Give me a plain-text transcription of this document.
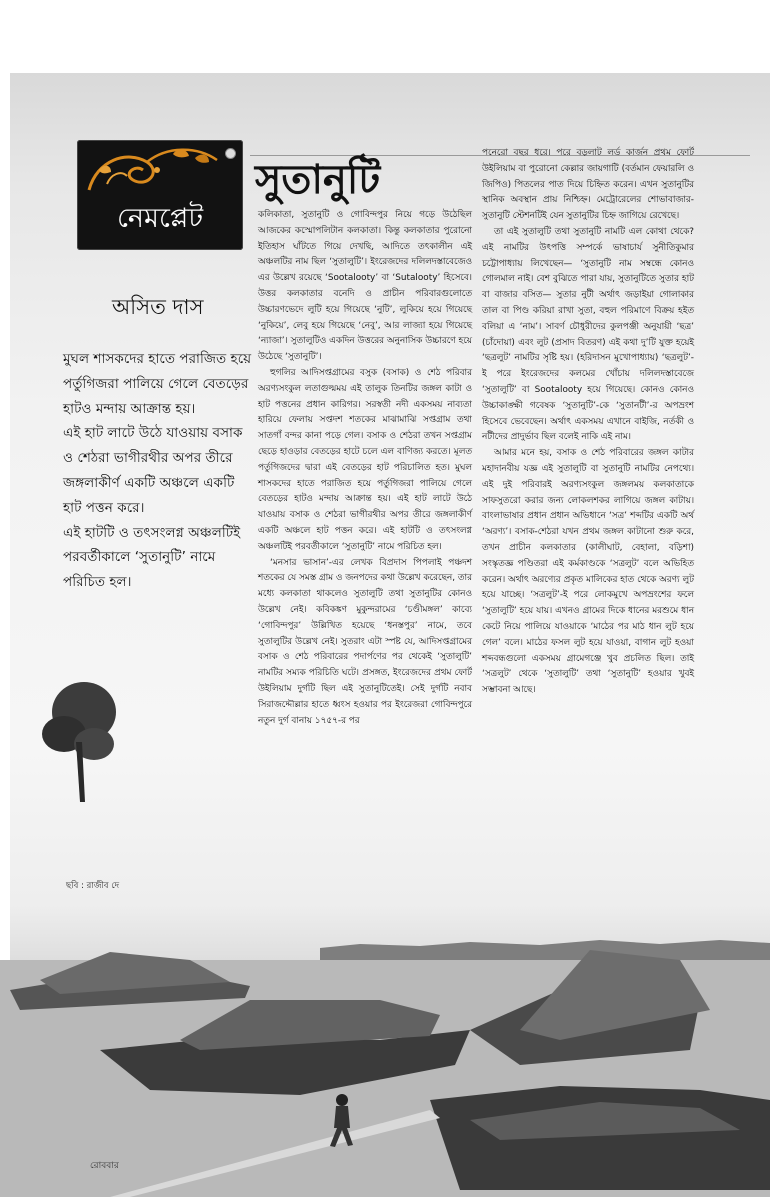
নেমপ্লেট
সুতানুটি
অসিত দাস

মুঘল শাসকদের হাতে পরাজিত হয়ে পর্তুগিজরা পালিয়ে গেলে বেতড়ের হাটও মন্দায় আক্রান্ত হয়।

এই হাট লাটে উঠে যাওয়ায় বসাক ও শেঠরা ভাগীরথীর অপর তীরে জঙ্গলাকীর্ণ একটি অঞ্চলে একটি হাট পত্তন করে।

এই হাটটি ও তৎসংলগ্ন অঞ্চলটিই পরবর্তীকালে ‘সুতানুটি’ নামে পরিচিত হল।

কলিকাতা, সুতানুটি ও গোবিন্দপুর নিয়ে গড়ে উঠেছিল আজকের কস্মোপলিটান কলকাতা। কিন্তু কলকাতার পুরোনো ইতিহাস ঘাঁটতে গিয়ে দেখছি, আদিতে তৎকালীন এই অঞ্চলটির নাম ছিল ‘সুতালুটি’। ইংরেজদের দলিলদস্তাবেজেও এর উল্লেখ রয়েছে ‘Sootalooty’ বা ‘Sutalooty’ হিসেবে। উত্তর কলকাতার বনেদি ও প্রাচীন পরিবারগুলোতে উচ্চারণভেদে লুটি হয়ে গিয়েছে ‘নুটি’, লুকিয়ে হয়ে গিয়েছে ‘নুকিয়ে’, লেবু হয়ে গিয়েছে ‘নেবু’, আর লাজ্যা হয়ে গিয়েছে ‘ন্যাজা’। সুতালুটিও একদিন উত্তরের অনুনাসিক উচ্চারণে হয়ে উঠেছে ‘সুতানুটি’।

হুগলির আদিসপ্তগ্রামের বসুক (বসাক) ও শেঠ পরিবার অরণ্যসংকুল লতাগুল্মময় এই তালুক তিনটির জঙ্গল কাটা ও হাট পত্তনের প্রধান কারিগর। সরস্বতী নদী একসময় নাব্যতা হারিয়ে ফেলায় সপ্তদশ শতকের মাঝামাঝি সপ্তগ্রাম তথা সাতগাঁ বন্দর কানা পড়ে গেল। বসাক ও শেঠরা তখন সপ্তগ্রাম ছেড়ে হাওড়ার বেতড়ের হাটে চলে এল বাণিজ্য করতে। মূলত পর্তুগিজদের দ্বারা এই বেতড়ের হাট পরিচালিত হত। মুঘল শাসকদের হাতে পরাজিত হয়ে পর্তুগিজরা পালিয়ে গেলে বেতড়ের হাটও মন্দায় আক্রান্ত হয়। এই হাট লাটে উঠে যাওয়ায় বসাক ও শেঠরা ভাগীরথীর অপর তীরে জঙ্গলাকীর্ণ একটি অঞ্চলে হাট পত্তন করে। এই হাটটি ও তৎসংলগ্ন অঞ্চলটিই পরবর্তীকালে ‘সুতানুটি’ নামে পরিচিত হল।

‘মনসার ভাসান’-এর লেখক বিপ্রদাস পিপলাই পঞ্চদশ শতকের যে সমস্ত গ্রাম ও জনপদের কথা উল্লেখ করেছেন, তার মধ্যে কলকাতা থাকলেও সুতালুটি তথা সুতানুটির কোনও উল্লেখ নেই। কবিকঙ্কণ মুকুন্দরামের ‘চণ্ডীমঙ্গল’ কাব্যে ‘গোবিন্দপুর’ উল্লিখিত হয়েছে ‘ধনস্তপুর’ নামে, তবে সুতালুটির উল্লেখ নেই। সুতরাং এটা স্পষ্ট যে, আদিসপ্তগ্রামের বসাক ও শেঠ পরিবারের পদার্পণের পর থেকেই ‘সুতালুটি’ নামটির সম্যক পরিচিতি ঘটে। প্রসঙ্গত, ইংরেজদের প্রথম ফোর্ট উইলিয়াম দুর্গটি ছিল এই সুতানুটিতেই। সেই দুর্গটি নবাব সিরাজদ্দৌল্লার হাতে ধ্বংস হওয়ার পর ইংরেজরা গোবিন্দপুরে নতুন দুর্গ বানায় ১৭৫৭-র পর

পনেরো বছর ধরে। পরে বড়লাট লর্ড কার্জন প্রথম ফোর্ট উইলিয়াম বা পুরোনো কেল্লার জায়গাটি (বর্তমান ফেয়ারলি ও জিপিও) পিতলের পাত দিয়ে চিহ্নিত করেন। এখন সুতানুটির স্থানিক অবস্থান প্রায় নিশ্চিহ্ন। মেট্রোরেলের শোভাবাজার-সুতানুটি স্টেশনটিই যেন সুতানুটির চিহ্ন জাগিয়ে রেখেছে।

তা এই সুতালুটি তথা সুতানুটি নামটি এল কোথা থেকে? এই নামটির উৎপত্তি সম্পর্কে ভাষাচার্য সুনীতিকুমার চট্টোপাধ্যায় লিখেছেন— ‘সুতানুটি নাম সম্বন্ধে কোনও গোলমাল নাই। বেশ বুঝিতে পারা যায়, সুতানুটিতে সুতার হাট বা বাজার বসিত— সুতার নুটী অর্থাৎ জড়াইয়া গোলাকার তাল বা পিণ্ড করিয়া রাখা সুতা, বহুল পরিমাণে বিক্রয় হইত বলিয়া এ ‘নাম’। সাবর্ণ চৌধুরীদের কুলপঞ্জী অনুযায়ী ‘ছত্র’ (চাঁদোয়া) এবং লুট (প্রসাদ বিতরণ) এই কথা দু’টি যুক্ত হয়েই ‘ছত্রলুট’ নামটির সৃষ্টি হয়। (হরিদাসন মুখোপাধ্যায়) ‘ছত্রলুট’-ই পরে ইংরেজদের কলমের খোঁচায় দলিলদস্তাবেজে ‘সুতালুটি’ বা Sootalooty হয়ে গিয়েছে। কোনও কোনও উচ্চাকাঙ্ক্ষী গবেষক ‘সুতানুটি’-কে ‘সুতানটী’-র অপভ্রংশ হিসেবে ভেবেছেন। অর্থাৎ একসময় এখানে বাইজি, নর্তকী ও নটীদের প্রাদুর্ভাব ছিল বলেই নাকি এই নাম।

আমার মনে হয়, বসাক ও শেঠ পরিবারের জঙ্গল কাটার মহাদানবীয় যজ্ঞ এই সুতালুটি বা সুতানুটি নামটির নেপথ্যে। এই দুই পরিবারই অরণ্যসংকুল জঙ্গলময় কলকাতাকে সাফসুতরো করার জন্য লোকলশকর লাগিয়ে জঙ্গল কাটায়। বাংলাভাষার প্রধান প্রধান অভিধানে ‘সত্র’ শব্দটির একটি অর্থ ‘অরণ্য’। বসাক-শেঠরা যখন প্রথম জঙ্গল কাটানো শুরু করে, তখন প্রাচীন কলকাতার (কালীঘাট, বেহালা, বড়িশা) সংস্কৃতজ্ঞ পণ্ডিতরা এই কর্মকাণ্ডকে ‘সত্রলুট’ বলে অভিহিত করেন। অর্থাৎ অরণ্যের প্রকৃত মালিকের হাত থেকে অরণ্য লুট হয়ে যাচ্ছে। ‘সত্রলুট’-ই পরে লোকমুখে অপভ্রংশের ফলে ‘সুতালুটি’ হয়ে যায়। এখনও গ্রামের দিকে ধানের মরশুমে ধান কেটে নিয়ে পালিয়ে যাওয়াকে ‘মাঠের পর মাঠ ধান লুট হয়ে গেল’ বলে। মাঠের ফসল লুট হয়ে যাওয়া, বাগান লুট হওয়া শব্দবন্ধগুলো একসময় গ্রামেগঞ্জে খুব প্রচলিত ছিল। তাই ‘সত্রলুট’ থেকে ‘সুতালুটি’ তথা ‘সুতানুটি’ হওয়ার খুবই সম্ভাবনা আছে।

ছবি : রাজীব দে
রোববার
